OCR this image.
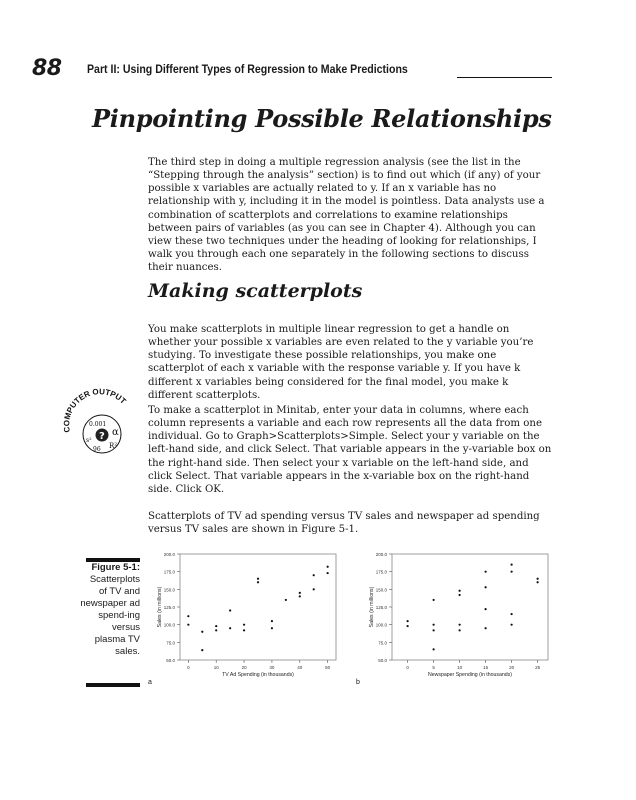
88 Part II: Using Different Types of Regression to Make Predictions
Pinpointing Possible Relationships

The third step in doing a multiple regression analysis (see the list in the “Stepping through the analysis” section) is to find out which (if any) of your possible x variables are actually related to y. If an x variable has no relationship with y, including it in the model is pointless. Data analysts use a combination of scatterplots and correlations to examine relationships between pairs of variables (as you can see in Chapter 4). Although you can view these two techniques under the heading of looking for relationships, I walk you through each one separately in the following sections to discuss their nuances.

Making scatterplots

You make scatterplots in multiple linear regression to get a handle on whether your possible x variables are even related to the y variable you’re studying. To investigate these possible relationships, you make one scatterplot of each x variable with the response variable y. If you have k different x variables being considered for the final model, you make k different scatterplots.

COMPUTER OUTPUT
0.001
α
R²
s²
96
?

To make a scatterplot in Minitab, enter your data in columns, where each column represents a variable and each row represents all the data from one individual. Go to Graph>Scatterplots>Simple. Select your y variable on the left-hand side, and click Select. That variable appears in the y-variable box on the right-hand side. Then select your x variable on the left-hand side, and click Select. That variable appears in the x-variable box on the right-hand side. Click OK.

Scatterplots of TV ad spending versus TV sales and newspaper ad spending versus TV sales are shown in Figure 5-1.

Figure 5-1:
Scatterplots of TV and newspaper ad spend-ing versus plasma TV sales.
50.0
75.0
100.0
125.0
150.0
175.0
200.0
0	10	20	30	40	50
TV Ad Spending (in thousands)
Sales (in millions)
50.0
75.0
100.0
125.0
150.0
175.0
200.0
0	5	10	15	20	25
Newspaper Spending (in thousands)
Sales (in millions)
a	b
